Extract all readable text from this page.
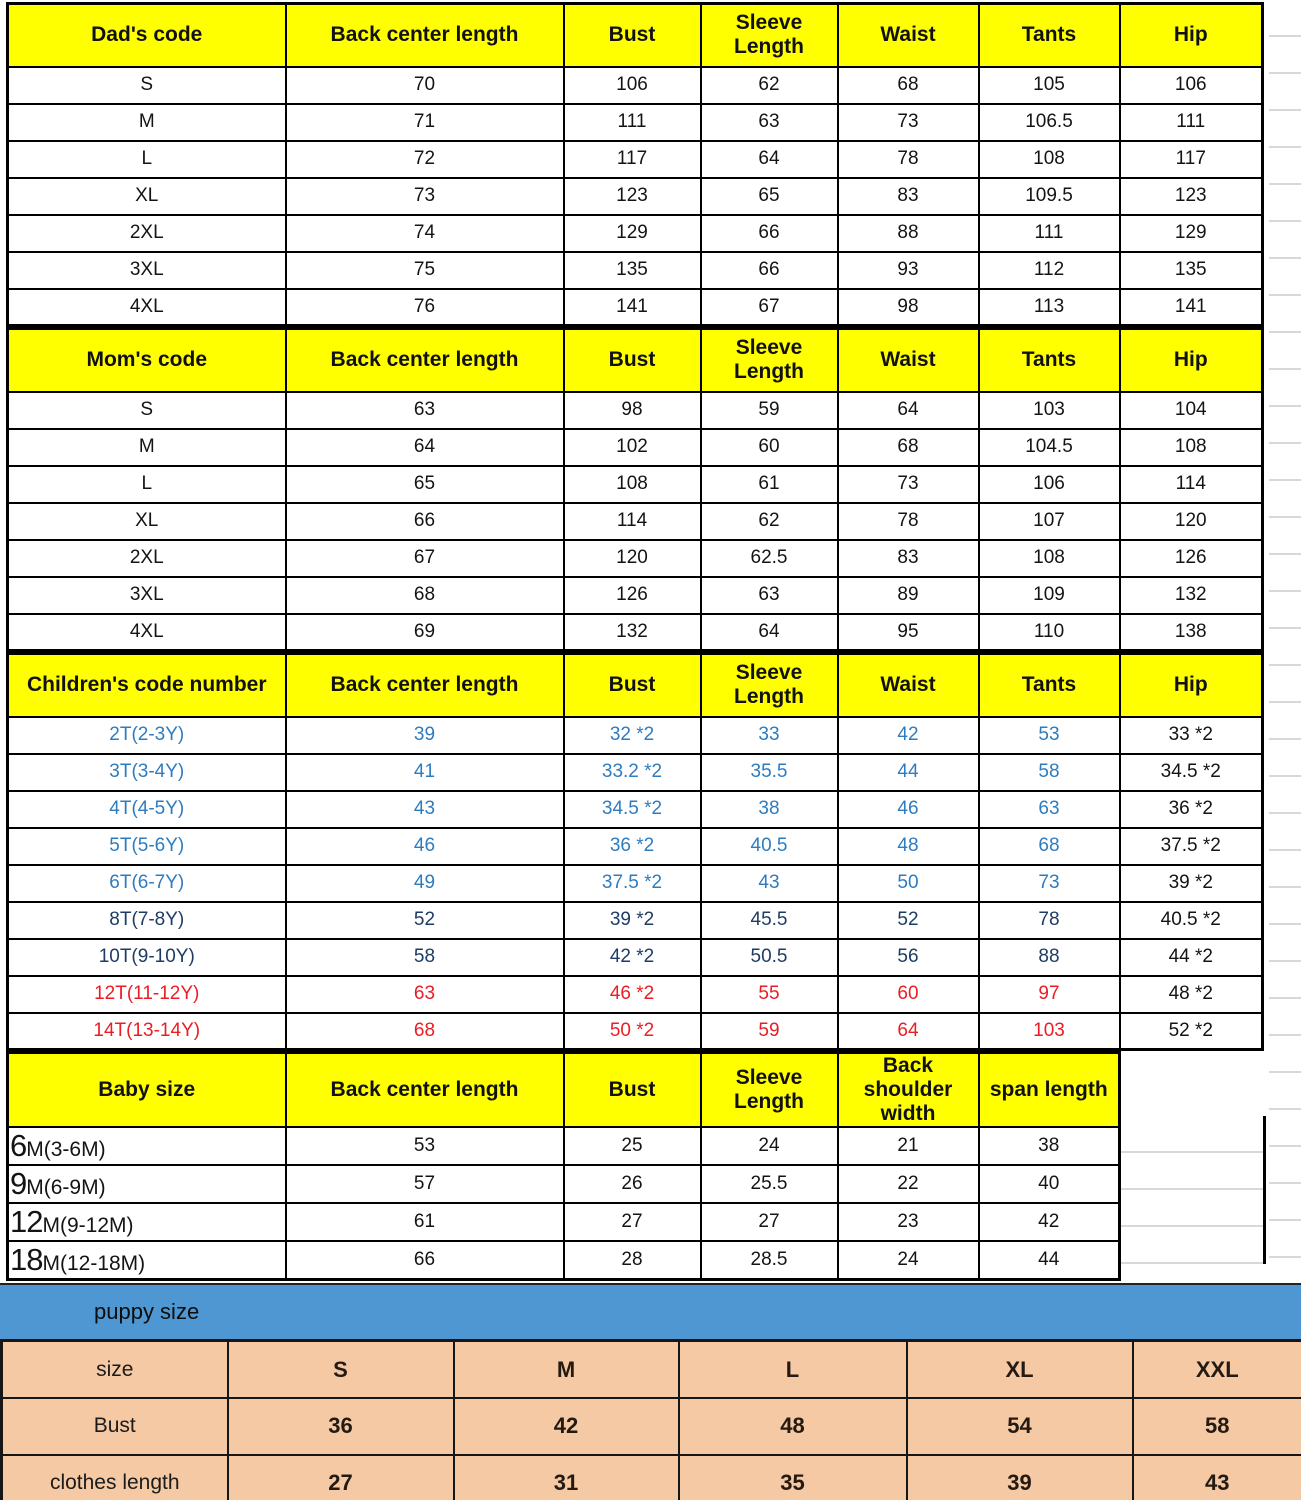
Dad's code	Back center length	Bust	Sleeve Length	Waist	Tants	Hip
S	70	106	62	68	105	106
M	71	111	63	73	106.5	111
L	72	117	64	78	108	117
XL	73	123	65	83	109.5	123
2XL	74	129	66	88	111	129
3XL	75	135	66	93	112	135
4XL	76	141	67	98	113	141
Mom's code	Back center length	Bust	Sleeve Length	Waist	Tants	Hip
S	63	98	59	64	103	104
M	64	102	60	68	104.5	108
L	65	108	61	73	106	114
XL	66	114	62	78	107	120
2XL	67	120	62.5	83	108	126
3XL	68	126	63	89	109	132
4XL	69	132	64	95	110	138
Children's code number	Back center length	Bust	Sleeve Length	Waist	Tants	Hip
2T(2-3Y)	39	32 *2	33	42	53	33 *2
3T(3-4Y)	41	33.2 *2	35.5	44	58	34.5 *2
4T(4-5Y)	43	34.5 *2	38	46	63	36 *2
5T(5-6Y)	46	36 *2	40.5	48	68	37.5 *2
6T(6-7Y)	49	37.5 *2	43	50	73	39 *2
8T(7-8Y)	52	39 *2	45.5	52	78	40.5 *2
10T(9-10Y)	58	42 *2	50.5	56	88	44 *2
12T(11-12Y)	63	46 *2	55	60	97	48 *2
14T(13-14Y)	68	50 *2	59	64	103	52 *2
Baby size	Back center length	Bust	Sleeve Length	Back shoulder width	span length
6M(3-6M)	53	25	24	21	38
9M(6-9M)	57	26	25.5	22	40
12M(9-12M)	61	27	27	23	42
18M(12-18M)	66	28	28.5	24	44
puppy size
size	S	M	L	XL	XXL
Bust	36	42	48	54	58
clothes length	27	31	35	39	43
